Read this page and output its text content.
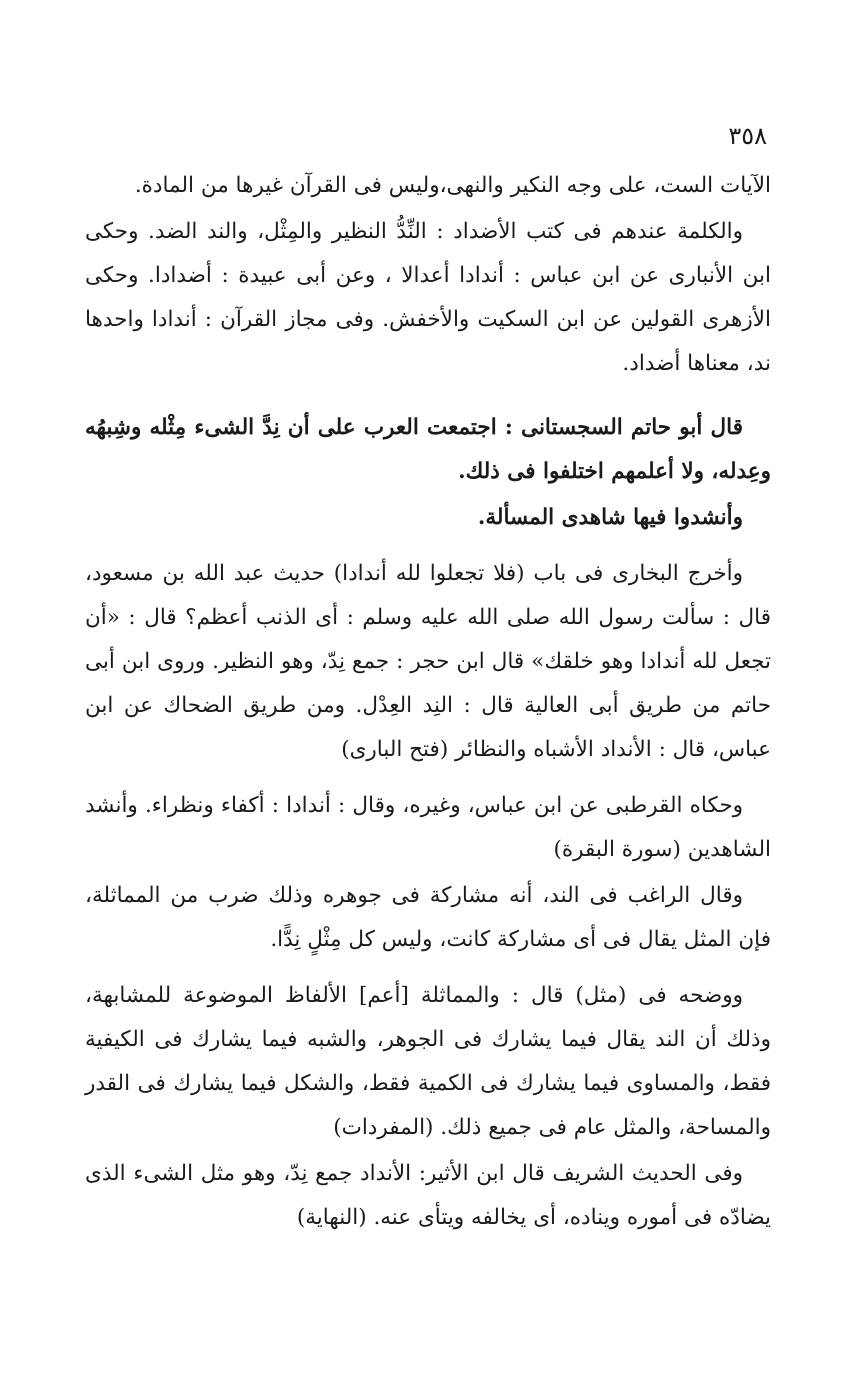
٣٥٨

الآيات الست، على وجه النكير والنهى،وليس فى القرآن غيرها من المادة.

والكلمة عندهم فى كتب الأضداد : النِّدُّ النظير والمِثْل، والند الضد. وحكى ابن الأنبارى عن ابن عباس : أندادا أعدالا ، وعن أبى عبيدة : أضدادا. وحكى الأزهرى القولين عن ابن السكيت والأخفش. وفى مجاز القرآن : أندادا واحدها ند، معناها أضداد.

قال أبو حاتم السجستانى : اجتمعت العرب على أن نِدَّ الشىء مِثْله وشِبهُه وعِدله، ولا أعلمهم اختلفوا فى ذلك.

وأنشدوا فيها شاهدى المسألة.

وأخرج البخارى فى باب (فلا تجعلوا لله أندادا) حديث عبد الله بن مسعود، قال : سألت رسول الله صلى الله عليه وسلم : أى الذنب أعظم؟ قال : «أن تجعل لله أندادا وهو خلقك» قال ابن حجر : جمع نِدّ، وهو النظير. وروى ابن أبى حاتم من طريق أبى العالية قال : النِد العِدْل. ومن طريق الضحاك عن ابن عباس، قال : الأنداد الأشباه والنظائر (فتح البارى)

وحكاه القرطبى عن ابن عباس، وغيره، وقال : أندادا : أكفاء ونظراء. وأنشد الشاهدين (سورة البقرة)

وقال الراغب فى الند، أنه مشاركة فى جوهره وذلك ضرب من المماثلة، فإن المثل يقال فى أى مشاركة كانت، وليس كل مِثْلٍ نِدًّا.

ووضحه فى (مثل) قال : والمماثلة [أعم] الألفاظ الموضوعة للمشابهة، وذلك أن الند يقال فيما يشارك فى الجوهر، والشبه فيما يشارك فى الكيفية فقط، والمساوى فيما يشارك فى الكمية فقط، والشكل فيما يشارك فى القدر والمساحة، والمثل عام فى جميع ذلك. (المفردات)

وفى الحديث الشريف قال ابن الأثير: الأنداد جمع نِدّ، وهو مثل الشىء الذى يضادّه فى أموره ويناده، أى يخالفه ويتأى عنه. (النهاية)
